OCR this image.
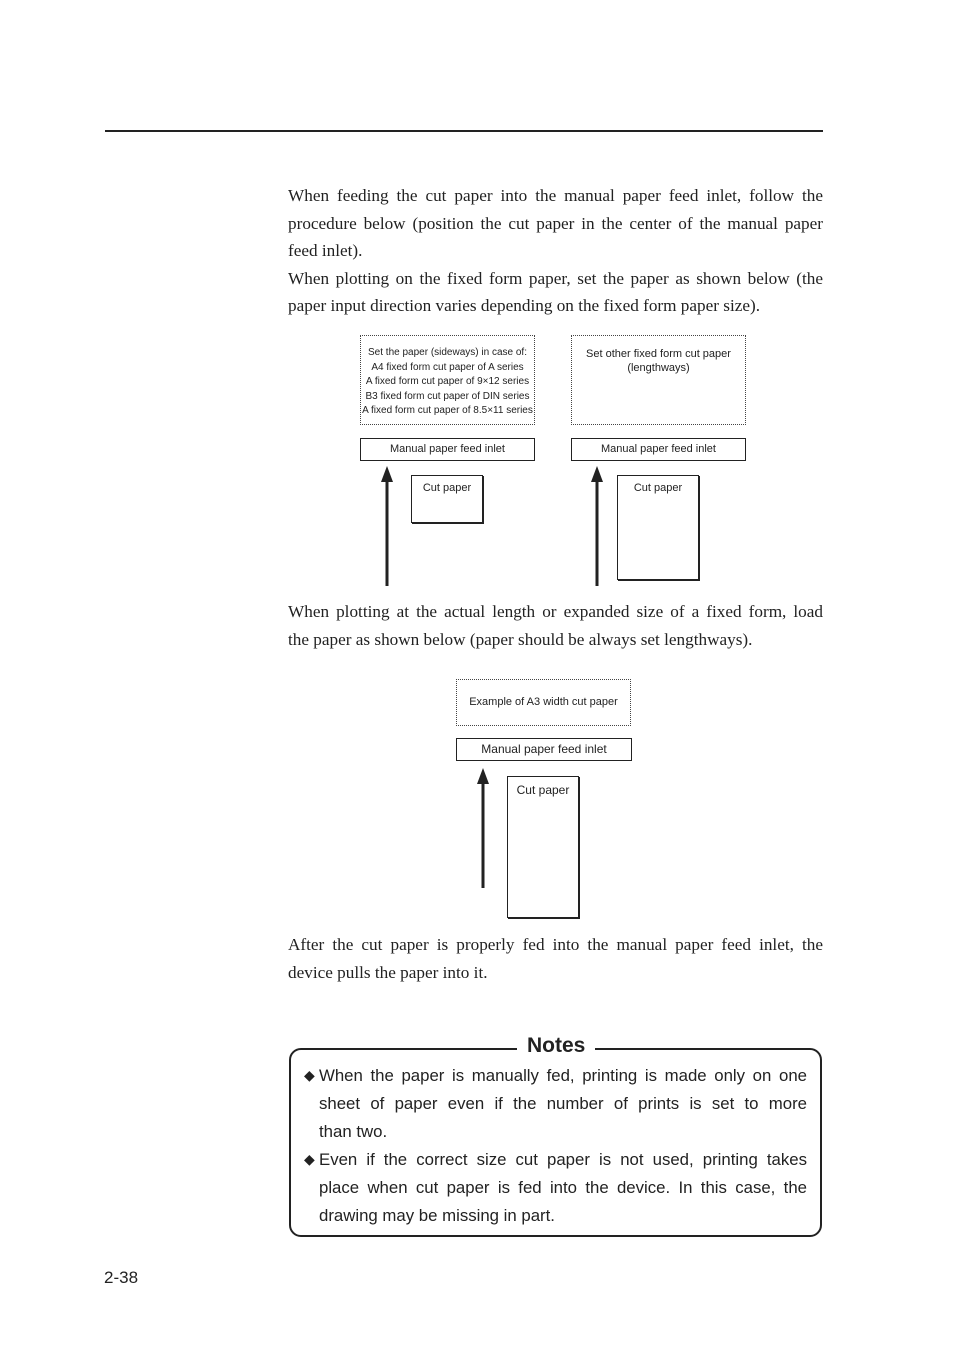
When feeding the cut paper into the manual paper feed inlet, follow the
procedure below (position the cut paper in the center of the manual paper
feed inlet).
When plotting on the fixed form paper, set the paper as shown below (the
paper input direction varies depending on the fixed form paper size).

Set the paper (sideways) in case of:
A4 fixed form cut paper of A series
A fixed form cut paper of 9×12 series
B3 fixed form cut paper of DIN series
A fixed form cut paper of 8.5×11 series
Manual paper feed inlet
Cut paper
Set other fixed form cut paper
(lengthways)
Manual paper feed inlet
Cut paper

When plotting at the actual length or expanded size of a fixed form, load
the paper as shown below (paper should be always set lengthways).

Example of A3 width cut paper
Manual paper feed inlet
Cut paper

After the cut paper is properly fed into the manual paper feed inlet, the
device pulls the paper into it.

Notes
◆ When the paper is manually fed, printing is made only on one
sheet of paper even if the number of prints is set to more
than two.
◆ Even if the correct size cut paper is not used, printing takes
place when cut paper is fed into the device. In this case, the
drawing may be missing in part.
2-38
